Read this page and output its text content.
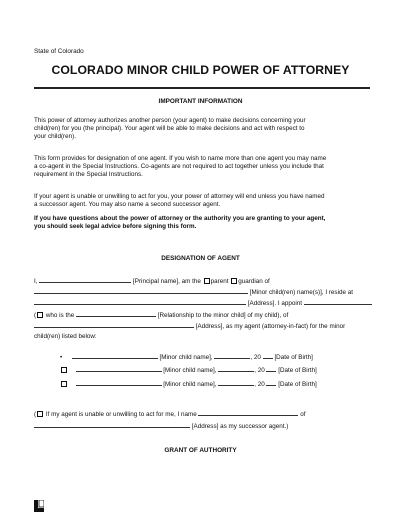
State of Colorado
COLORADO MINOR CHILD POWER OF ATTORNEY
IMPORTANT INFORMATION
This power of attorney authorizes another person (your agent) to make decisions concerning your
child(ren) for you (the principal). Your agent will be able to make decisions and act with respect to
your child(ren).
This form provides for designation of one agent. If you wish to name more than one agent you may name
a co-agent in the Special Instructions. Co-agents are not required to act together unless you include that
requirement in the Special Instructions.
If your agent is unable or unwilling to act for you, your power of attorney will end unless you have named
a successor agent. You may also name a second successor agent.
If you have questions about the power of attorney or the authority you are granting to your agent,
you should seek legal advice before signing this form.
DESIGNATION OF AGENT
I,	[Principal name], am the parent guardian of
[Minor child(ren) name(s)], I reside at
[Address]. I appoint
( who is the	[Relationship to the minor child] of my child), of
[Address], as my agent (attorney-in-fact) for the minor
child(ren) listed below:
•	[Minor child name],	, 20 [Date of Birth]
[Minor child name],	, 20 [Date of Birth]
[Minor child name],	, 20 [Date of Birth]
( If my agent is unable or unwilling to act for me, I name	of
[Address] as my successor agent.)
GRANT OF AUTHORITY
